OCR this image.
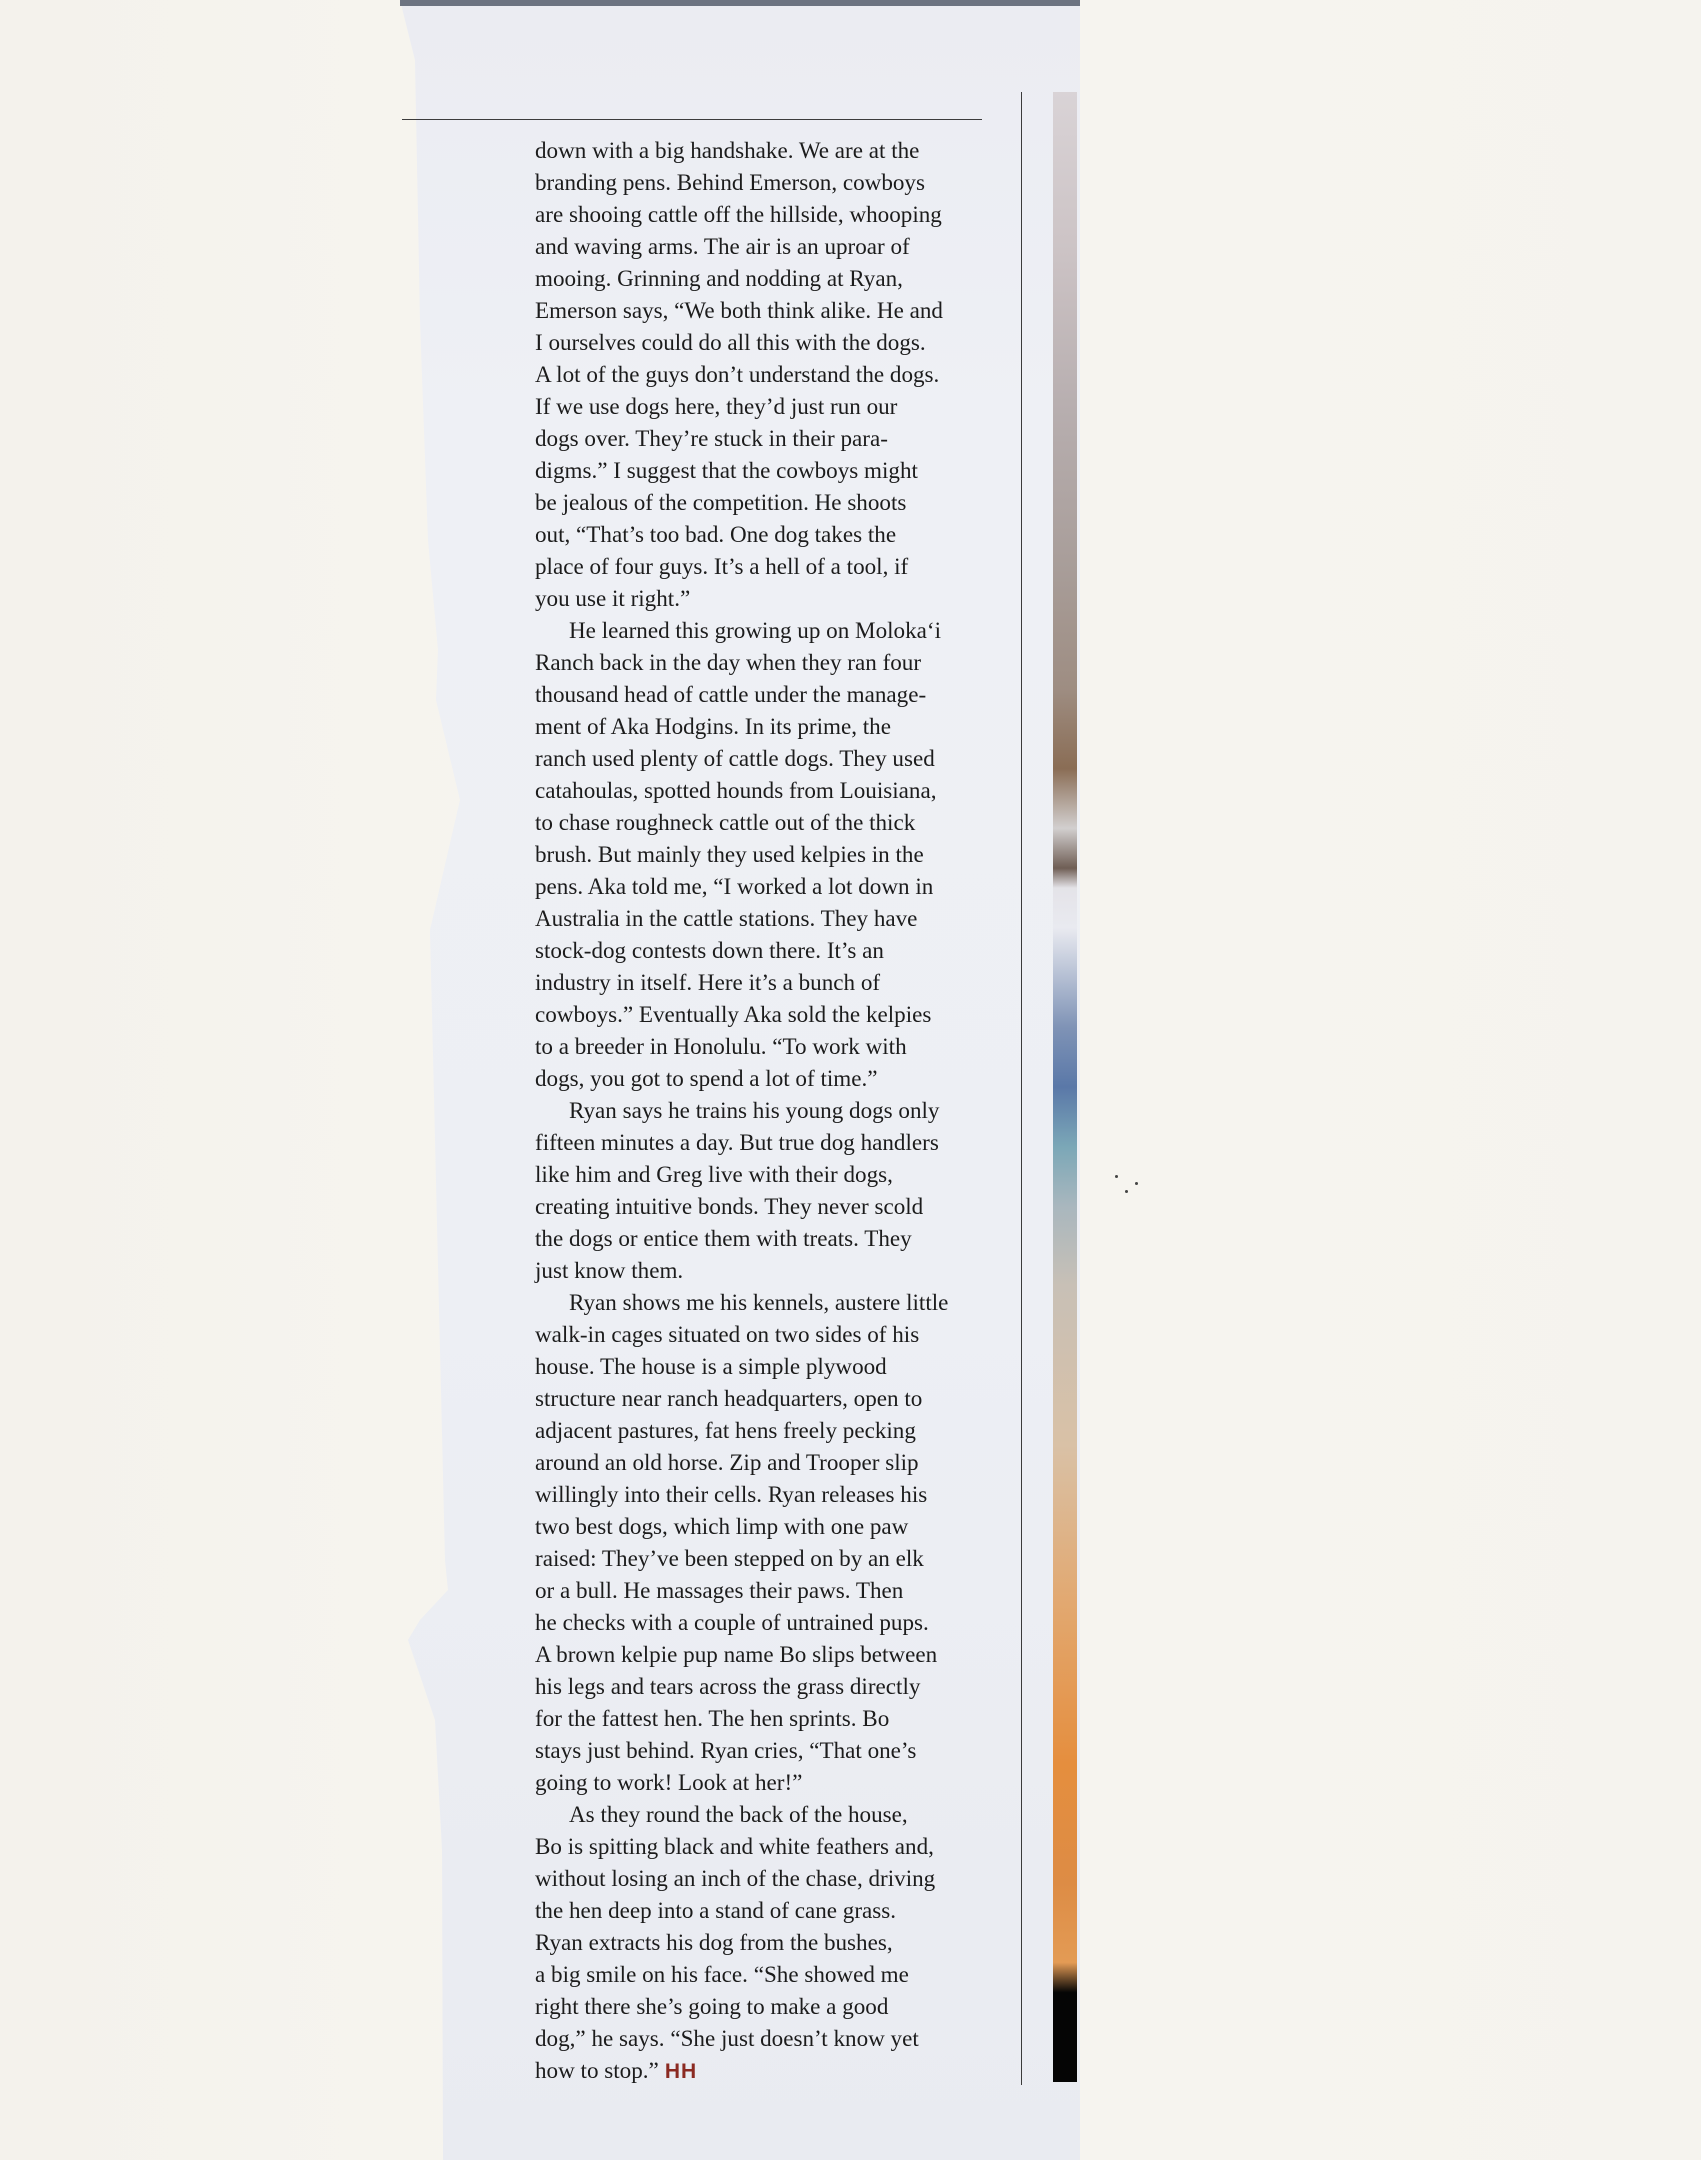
down with a big handshake. We are at the
branding pens. Behind Emerson, cowboys
are shooing cattle off the hillside, whooping
and waving arms. The air is an uproar of
mooing. Grinning and nodding at Ryan,
Emerson says, “We both think alike. He and
I ourselves could do all this with the dogs.
A lot of the guys don’t understand the dogs.
If we use dogs here, they’d just run our
dogs over. They’re stuck in their para-
digms.” I suggest that the cowboys might
be jealous of the competition. He shoots
out, “That’s too bad. One dog takes the
place of four guys. It’s a hell of a tool, if
you use it right.”
He learned this growing up on Moloka‘i
Ranch back in the day when they ran four
thousand head of cattle under the manage-
ment of Aka Hodgins. In its prime, the
ranch used plenty of cattle dogs. They used
catahoulas, spotted hounds from Louisiana,
to chase roughneck cattle out of the thick
brush. But mainly they used kelpies in the
pens. Aka told me, “I worked a lot down in
Australia in the cattle stations. They have
stock-dog contests down there. It’s an
industry in itself. Here it’s a bunch of
cowboys.” Eventually Aka sold the kelpies
to a breeder in Honolulu. “To work with
dogs, you got to spend a lot of time.”
Ryan says he trains his young dogs only
fifteen minutes a day. But true dog handlers
like him and Greg live with their dogs,
creating intuitive bonds. They never scold
the dogs or entice them with treats. They
just know them.
Ryan shows me his kennels, austere little
walk-in cages situated on two sides of his
house. The house is a simple plywood
structure near ranch headquarters, open to
adjacent pastures, fat hens freely pecking
around an old horse. Zip and Trooper slip
willingly into their cells. Ryan releases his
two best dogs, which limp with one paw
raised: They’ve been stepped on by an elk
or a bull. He massages their paws. Then
he checks with a couple of untrained pups.
A brown kelpie pup name Bo slips between
his legs and tears across the grass directly
for the fattest hen. The hen sprints. Bo
stays just behind. Ryan cries, “That one’s
going to work! Look at her!”
As they round the back of the house,
Bo is spitting black and white feathers and,
without losing an inch of the chase, driving
the hen deep into a stand of cane grass.
Ryan extracts his dog from the bushes,
a big smile on his face. “She showed me
right there she’s going to make a good
dog,” he says. “She just doesn’t know yet
how to stop.” HH
